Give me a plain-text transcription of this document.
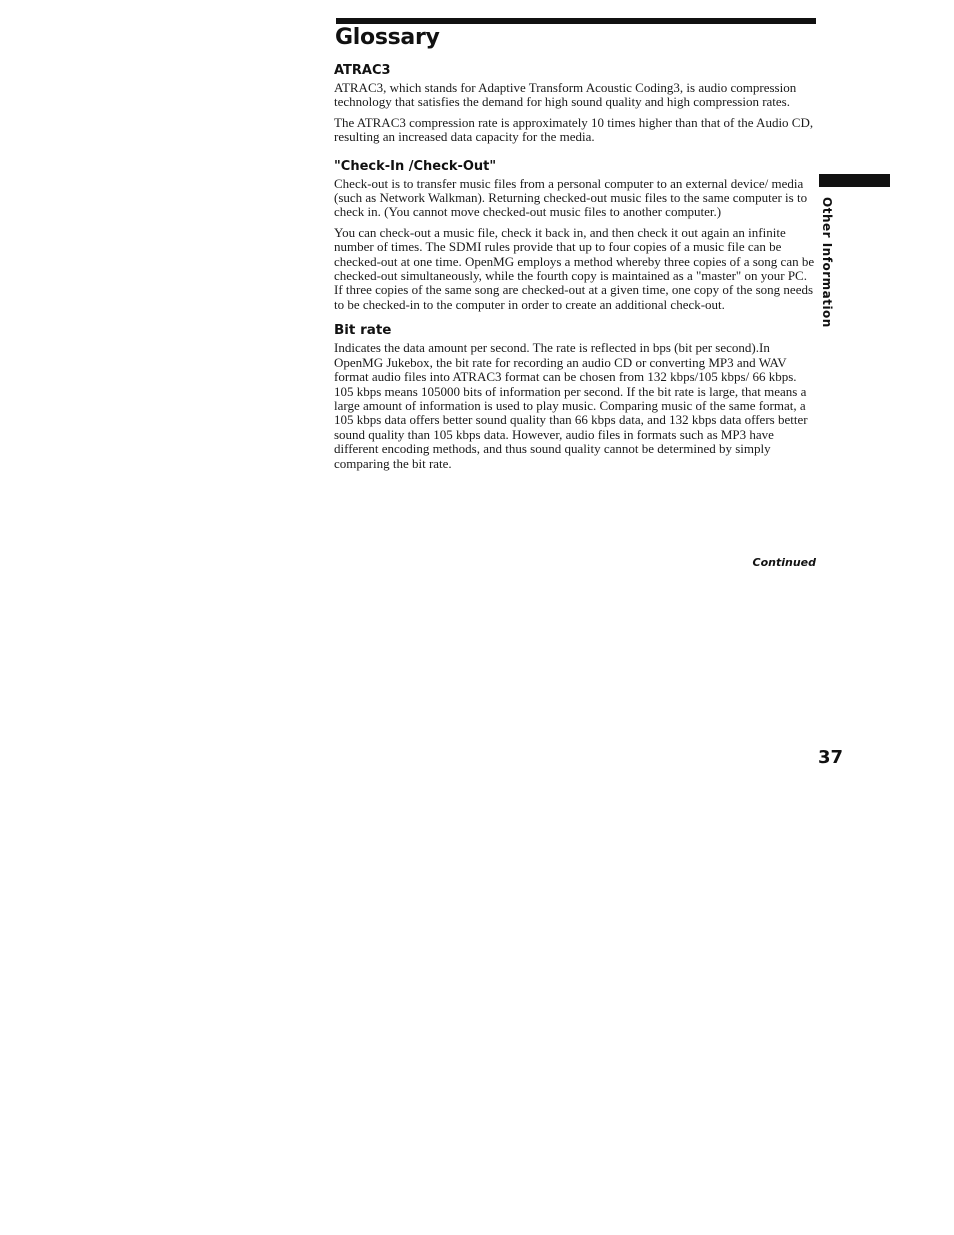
Glossary
ATRAC3

ATRAC3, which stands for Adaptive Transform Acoustic Coding3, is audio compression technology that satisfies the demand for high sound quality and high compression rates.

The ATRAC3 compression rate is approximately 10 times higher than that of the Audio CD, resulting an increased data capacity for the media.

"Check-In /Check-Out"

Check-out is to transfer music files from a personal computer to an external device/ media (such as Network Walkman). Returning checked-out music files to the same computer is to check in. (You cannot move checked-out music files to another computer.)

You can check-out a music file, check it back in, and then check it out again an infinite number of times. The SDMI rules provide that up to four copies of a music file can be checked-out at one time. OpenMG employs a method whereby three copies of a song can be checked-out simultaneously, while the fourth copy is maintained as a "master" on your PC. If three copies of the same song are checked-out at a given time, one copy of the song needs to be checked-in to the computer in order to create an additional check-out.

Bit rate

Indicates the data amount per second. The rate is reflected in bps (bit per second).In OpenMG Jukebox, the bit rate for recording an audio CD or converting MP3 and WAV format audio files into ATRAC3 format can be chosen from 132 kbps/105 kbps/ 66 kbps. 105 kbps means 105000 bits of information per second. If the bit rate is large, that means a large amount of information is used to play music. Comparing music of the same format, a 105 kbps data offers better sound quality than 66 kbps data, and 132 kbps data offers better sound quality than 105 kbps data. However, audio files in formats such as MP3 have different encoding methods, and thus sound quality cannot be determined by simply comparing the bit rate.

Other Information
Continued
37
